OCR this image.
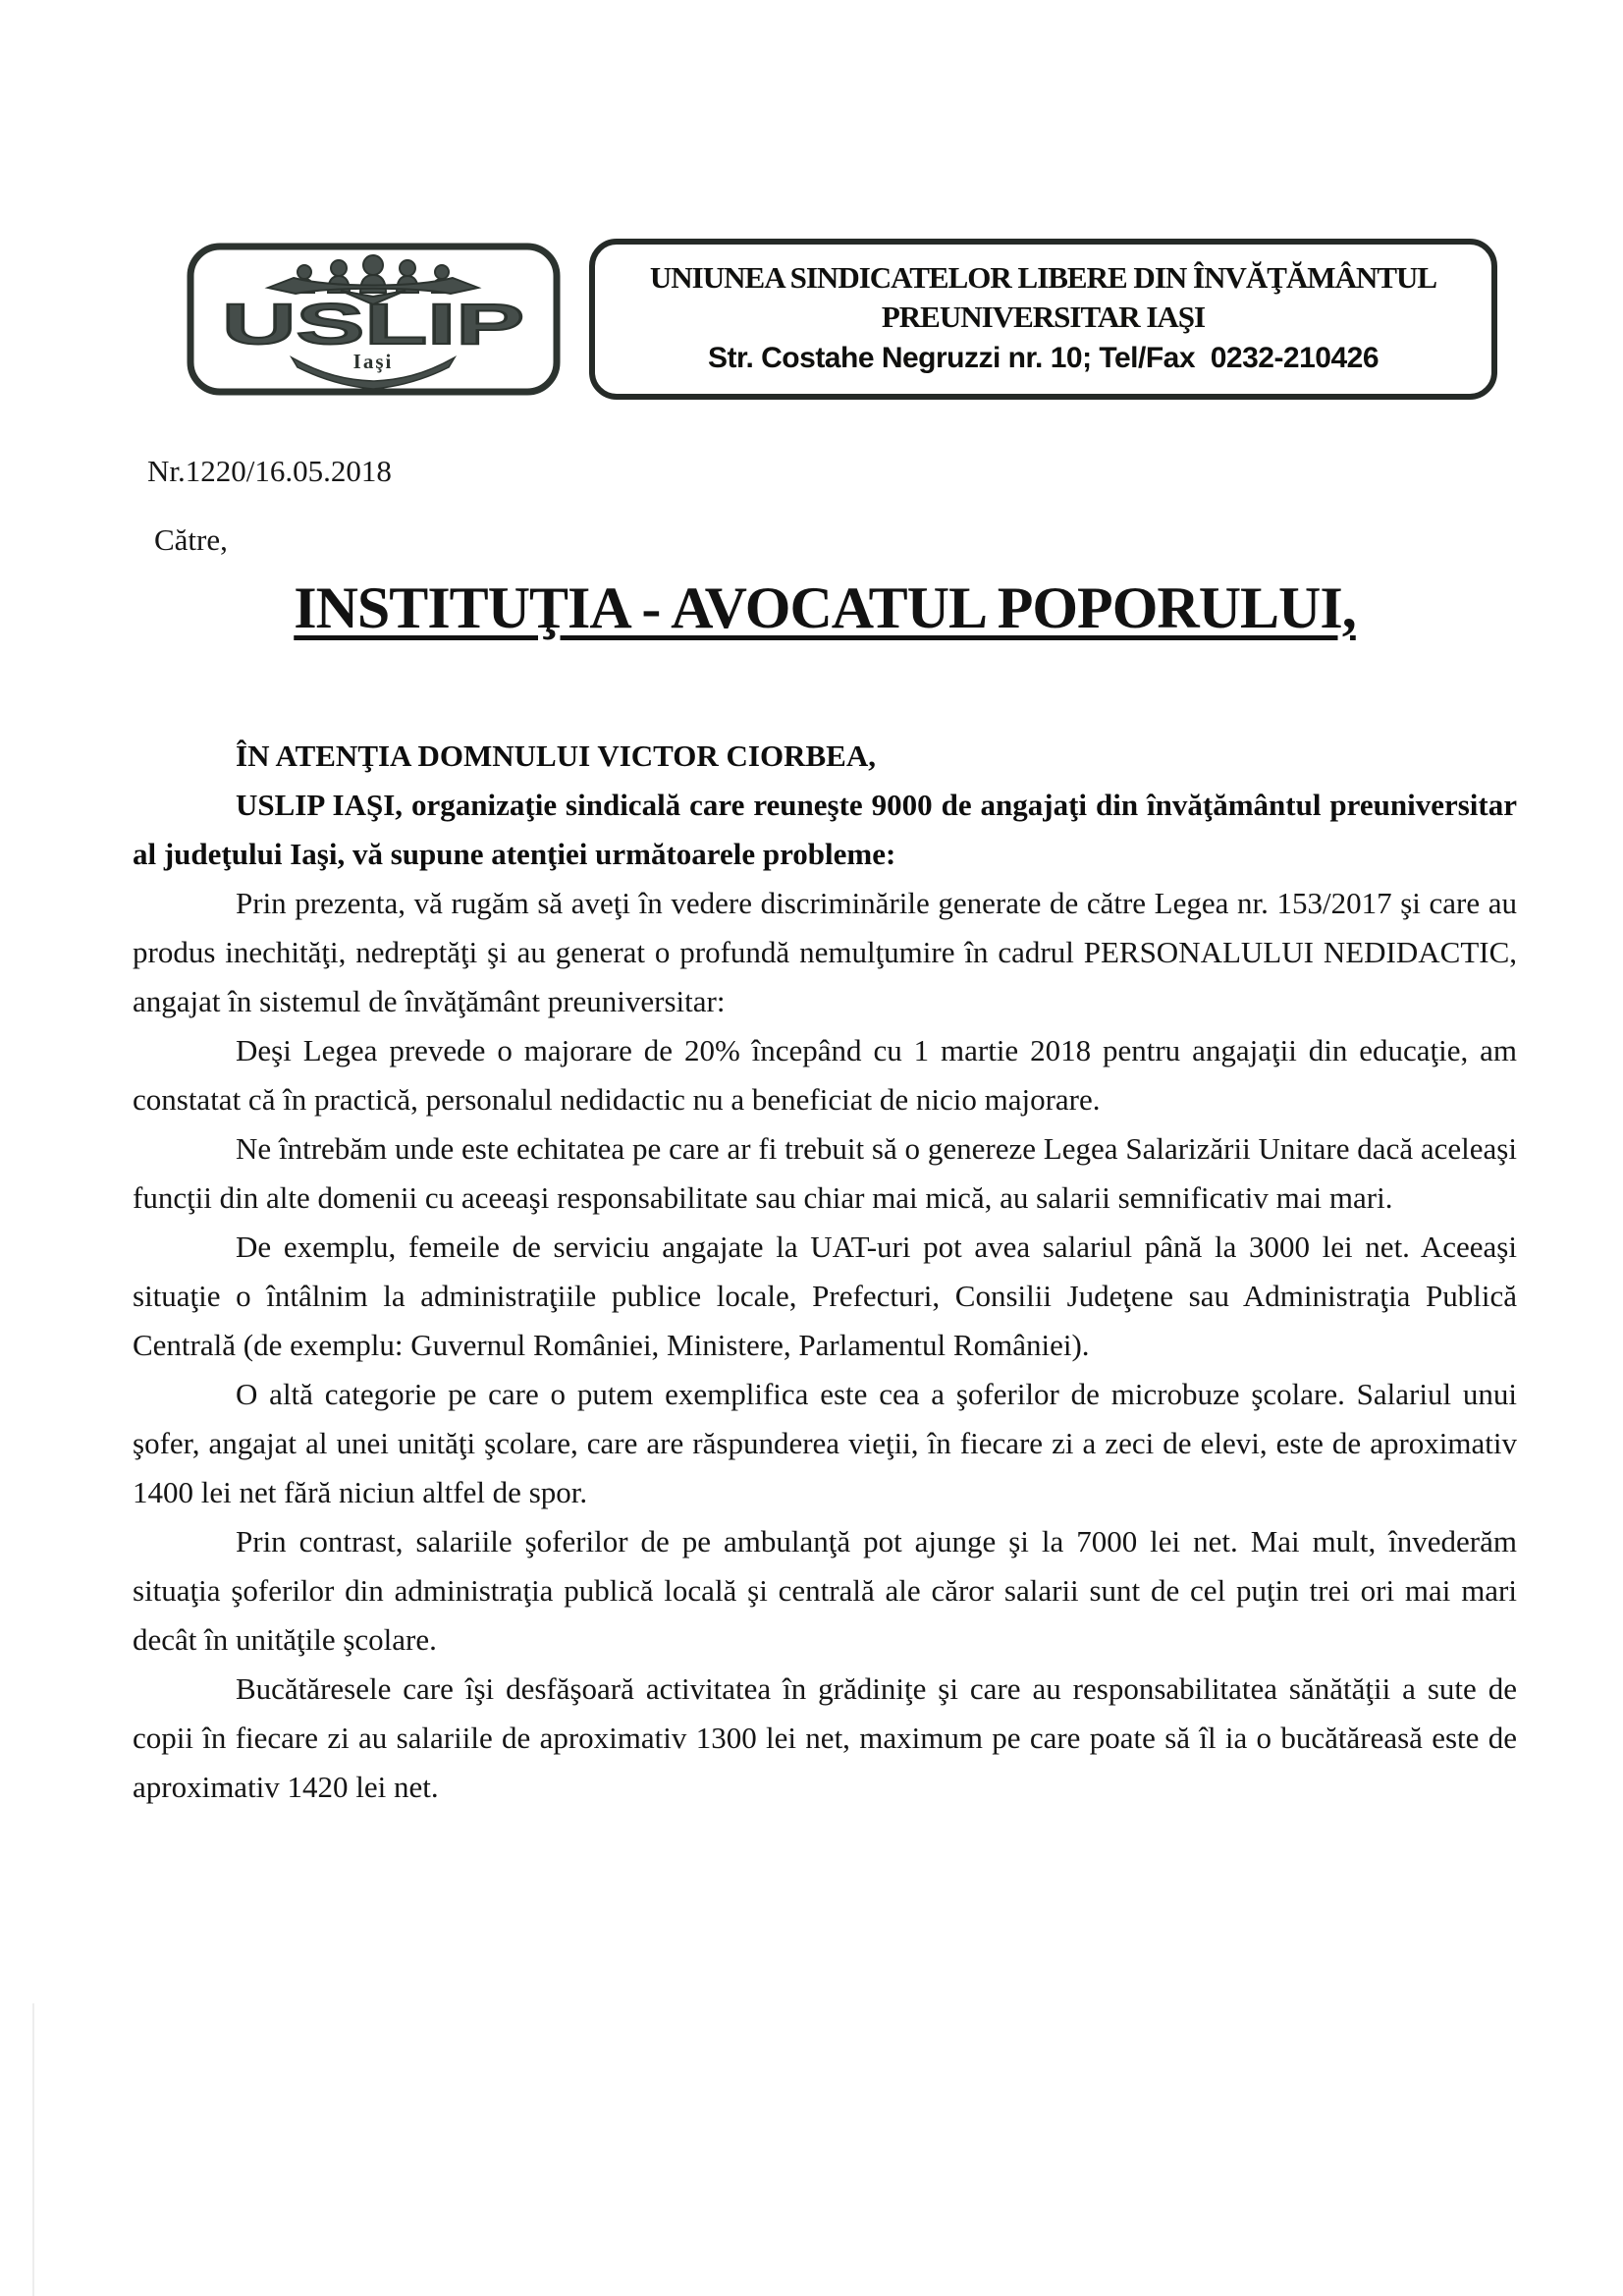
USLIP
Iaşi
UNIUNEA SINDICATELOR LIBERE DIN ÎNVĂŢĂMÂNTUL
PREUNIVERSITAR IAŞI
Str. Costahe Negruzzi nr. 10; Tel/Fax  0232-210426
Nr.1220/16.05.2018
Către,
INSTITUŢIA - AVOCATUL POPORULUI,

ÎN ATENŢIA DOMNULUI VICTOR CIORBEA,

USLIP IAŞI, organizaţie sindicală care reuneşte 9000 de angajaţi din învăţământul preuniversitar al judeţului Iaşi, vă supune atenţiei următoarele probleme:

Prin prezenta, vă rugăm să aveţi în vedere discriminările generate de către Legea nr. 153/2017 şi care au produs inechităţi, nedreptăţi şi au generat o profundă nemulţumire în cadrul PERSONALULUI NEDIDACTIC, angajat în sistemul de învăţământ preuniversitar:

Deşi Legea prevede o majorare de 20% începând cu 1 martie 2018 pentru angajaţii din educaţie, am constatat că în practică, personalul nedidactic nu a beneficiat de nicio majorare.

Ne întrebăm unde este echitatea pe care ar fi trebuit să o genereze Legea Salarizării Unitare dacă aceleaşi funcţii din alte domenii cu aceeaşi responsabilitate sau chiar mai mică, au salarii semnificativ mai mari.

De exemplu, femeile de serviciu angajate la UAT-uri pot avea salariul până la 3000 lei net. Aceeaşi situaţie o întâlnim la administraţiile publice locale, Prefecturi, Consilii Judeţene sau Administraţia Publică Centrală (de exemplu: Guvernul României, Ministere, Parlamentul României).

O altă categorie pe care o putem exemplifica este cea a şoferilor de microbuze şcolare. Salariul unui şofer, angajat al unei unităţi şcolare, care are răspunderea vieţii, în fiecare zi a zeci de elevi, este de aproximativ 1400 lei net fără niciun altfel de spor.

Prin contrast, salariile şoferilor de pe ambulanţă pot ajunge şi la 7000 lei net. Mai mult, învederăm situaţia şoferilor din administraţia publică locală şi centrală ale căror salarii sunt de cel puţin trei ori mai mari decât în unităţile şcolare.

Bucătăresele care îşi desfăşoară activitatea în grădiniţe şi care au responsabilitatea sănătăţii a sute de copii în fiecare zi au salariile de aproximativ 1300 lei net, maximum pe care poate să îl ia o bucătăreasă este de aproximativ 1420 lei net.
